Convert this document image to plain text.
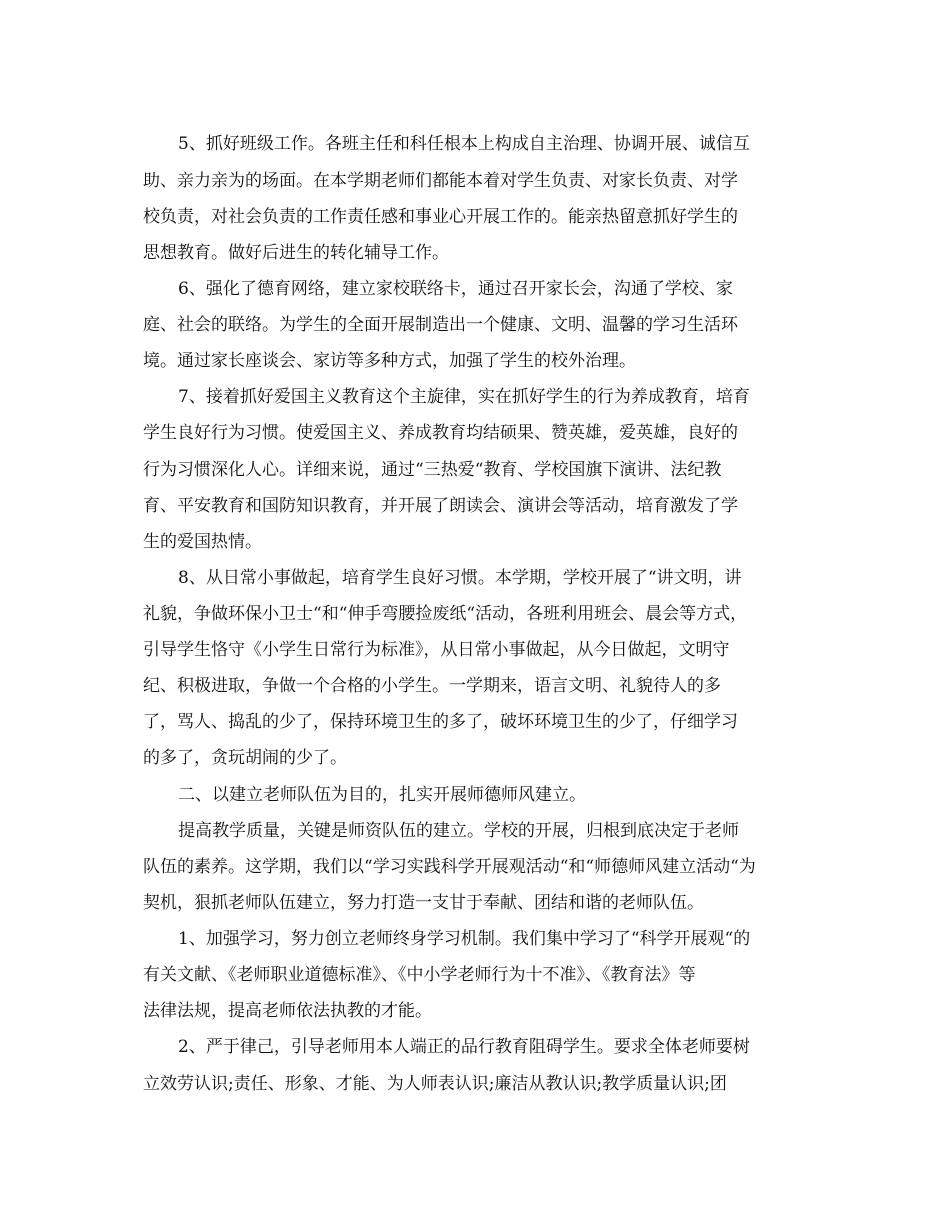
5、抓好班级工作。各班主任和科任根本上构成自主治理、协调开展、诚信互

助、亲力亲为的场面。在本学期老师们都能本着对学生负责、对家长负责、对学

校负责，对社会负责的工作责任感和事业心开展工作的。能亲热留意抓好学生的

思想教育。做好后进生的转化辅导工作。

6、强化了德育网络，建立家校联络卡，通过召开家长会，沟通了学校、家

庭、社会的联络。为学生的全面开展制造出一个健康、文明、温馨的学习生活环

境。通过家长座谈会、家访等多种方式，加强了学生的校外治理。

7、接着抓好爱国主义教育这个主旋律，实在抓好学生的行为养成教育，培育

学生良好行为习惯。使爱国主义、养成教育均结硕果、赞英雄，爱英雄，良好的

行为习惯深化人心。详细来说，通过“三热爱“教育、学校国旗下演讲、法纪教

育、平安教育和国防知识教育，并开展了朗读会、演讲会等活动，培育激发了学

生的爱国热情。

8、从日常小事做起，培育学生良好习惯。本学期，学校开展了“讲文明，讲

礼貌，争做环保小卫士“和“伸手弯腰捡废纸“活动，各班利用班会、晨会等方式，

引导学生恪守《小学生日常行为标准》，从日常小事做起，从今日做起，文明守

纪、积极进取，争做一个合格的小学生。一学期来，语言文明、礼貌待人的多

了，骂人、捣乱的少了，保持环境卫生的多了，破坏环境卫生的少了，仔细学习

的多了，贪玩胡闹的少了。

二、以建立老师队伍为目的，扎实开展师德师风建立。

提高教学质量，关键是师资队伍的建立。学校的开展，归根到底决定于老师

队伍的素养。这学期，我们以“学习实践科学开展观活动“和“师德师风建立活动“为

契机，狠抓老师队伍建立，努力打造一支甘于奉献、团结和谐的老师队伍。

1、加强学习，努力创立老师终身学习机制。我们集中学习了“科学开展观“的

有关文献、《老师职业道德标准》、《中小学老师行为十不准》、《教育法》等

法律法规，提高老师依法执教的才能。

2、严于律己，引导老师用本人端正的品行教育阻碍学生。要求全体老师要树

立效劳认识;责任、形象、才能、为人师表认识;廉洁从教认识;教学质量认识;团
